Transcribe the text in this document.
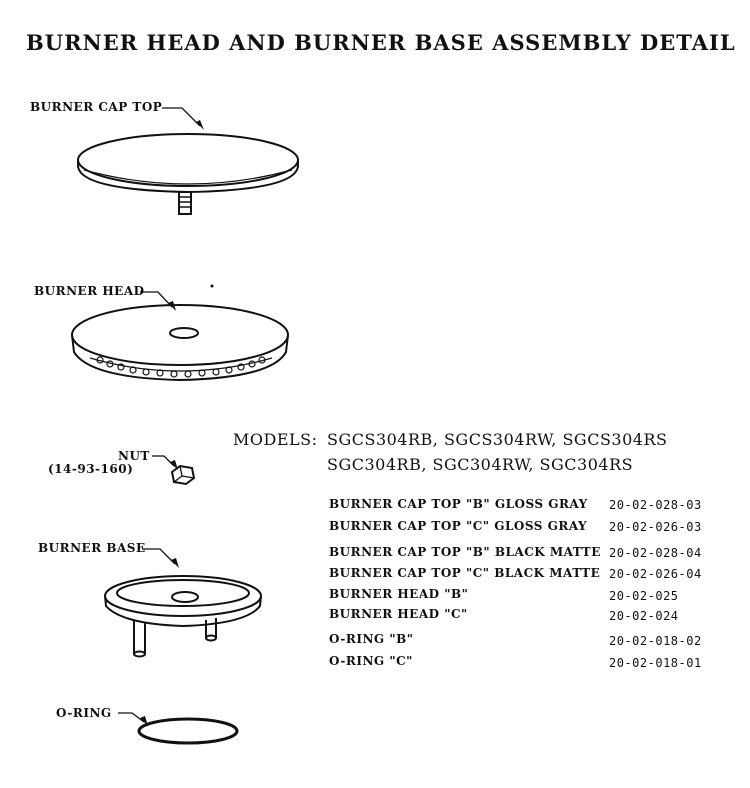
BURNER HEAD AND BURNER BASE ASSEMBLY DETAIL
BURNER CAP TOP
BURNER HEAD
NUT
(14-93-160)
BURNER BASE
O-RING
MODELS: SGCS304RB, SGCS304RW, SGCS304RS
SGC304RB, SGC304RW, SGC304RS
BURNER CAP TOP "B" GLOSS GRAY 20-02-028-03
BURNER CAP TOP "C" GLOSS GRAY 20-02-026-03
BURNER CAP TOP "B" BLACK MATTE 20-02-028-04
BURNER CAP TOP "C" BLACK MATTE 20-02-026-04
BURNER HEAD "B"	20-02-025
BURNER HEAD "C"	20-02-024
O-RING "B"	20-02-018-02
O-RING "C"	20-02-018-01
